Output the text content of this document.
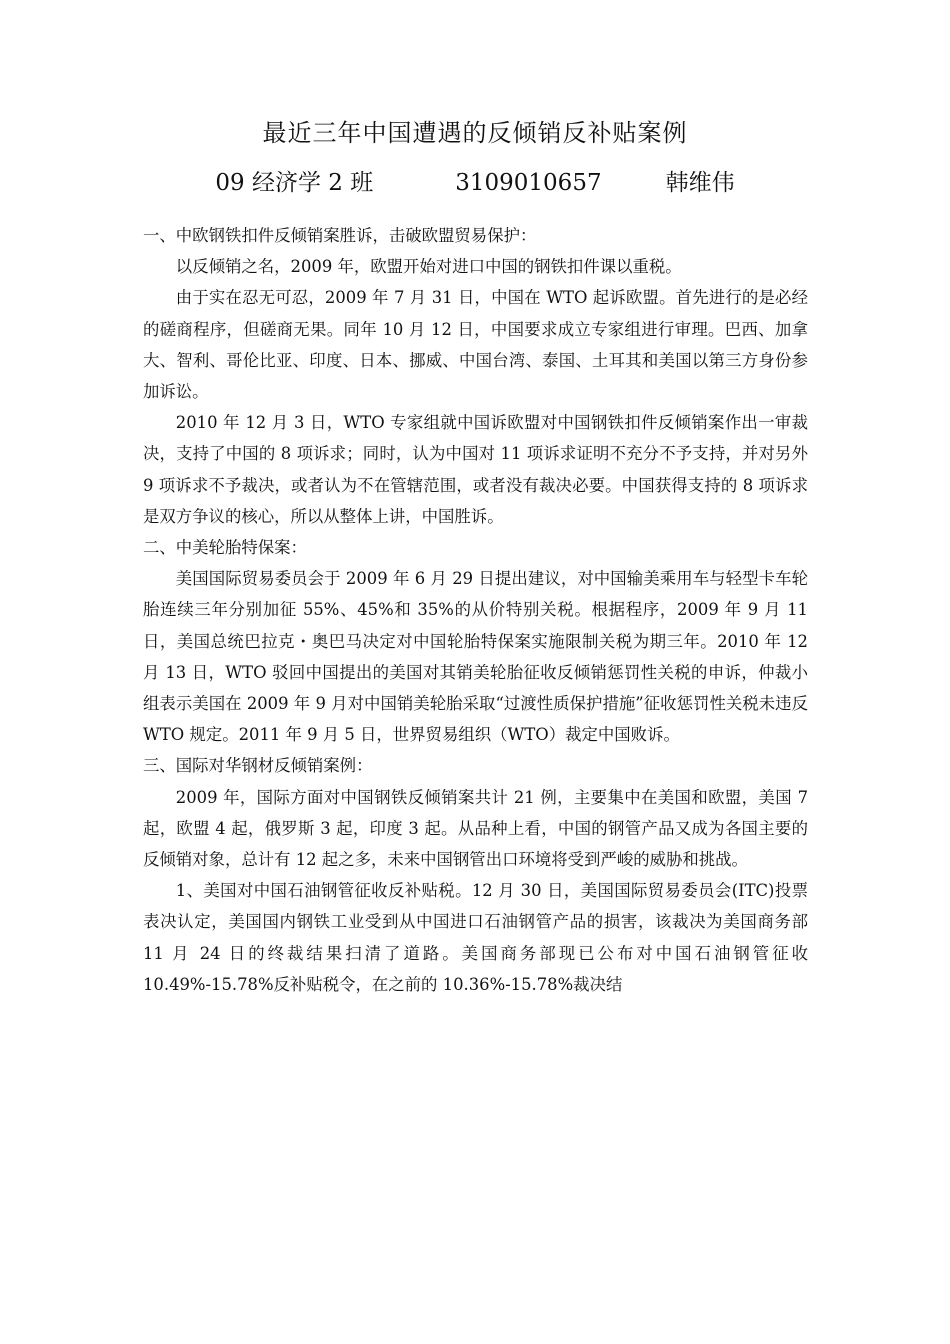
最近三年中国遭遇的反倾销反补贴案例
09 经济学 2 班	3109010657	韩维伟

一、中欧钢铁扣件反倾销案胜诉，击破欧盟贸易保护：

以反倾销之名，2009 年，欧盟开始对进口中国的钢铁扣件课以重税。

由于实在忍无可忍，2009 年 7 月 31 日，中国在 WTO 起诉欧盟。首先进行的是必经的磋商程序，但磋商无果。同年 10 月 12 日，中国要求成立专家组进行审理。巴西、加拿大、智利、哥伦比亚、印度、日本、挪威、中国台湾、泰国、土耳其和美国以第三方身份参加诉讼。

2010 年 12 月 3 日，WTO 专家组就中国诉欧盟对中国钢铁扣件反倾销案作出一审裁决，支持了中国的 8 项诉求；同时，认为中国对 11 项诉求证明不充分不予支持，并对另外 9 项诉求不予裁决，或者认为不在管辖范围，或者没有裁决必要。中国获得支持的 8 项诉求是双方争议的核心，所以从整体上讲，中国胜诉。

二、中美轮胎特保案：

美国国际贸易委员会于 2009 年 6 月 29 日提出建议，对中国输美乘用车与轻型卡车轮胎连续三年分别加征 55%、45%和 35%的从价特别关税。根据程序，2009 年 9 月 11 日，美国总统巴拉克・奥巴马决定对中国轮胎特保案实施限制关税为期三年。2010 年 12 月 13 日，WTO 驳回中国提出的美国对其销美轮胎征收反倾销惩罚性关税的申诉，仲裁小组表示美国在 2009 年 9 月对中国销美轮胎采取“过渡性质保护措施”征收惩罚性关税未违反 WTO 规定。2011 年 9 月 5 日，世界贸易组织（WTO）裁定中国败诉。

三、国际对华钢材反倾销案例：

2009 年，国际方面对中国钢铁反倾销案共计 21 例，主要集中在美国和欧盟，美国 7 起，欧盟 4 起，俄罗斯 3 起，印度 3 起。从品种上看，中国的钢管产品又成为各国主要的反倾销对象，总计有 12 起之多，未来中国钢管出口环境将受到严峻的威胁和挑战。

1、美国对中国石油钢管征收反补贴税。12 月 30 日，美国国际贸易委员会(ITC)投票表决认定，美国国内钢铁工业受到从中国进口石油钢管产品的损害，该裁决为美国商务部 11 月 24 日的终裁结果扫清了道路。美国商务部现已公布对中国石油钢管征收 10.49%-15.78%反补贴税令，在之前的 10.36%-15.78%裁决结
